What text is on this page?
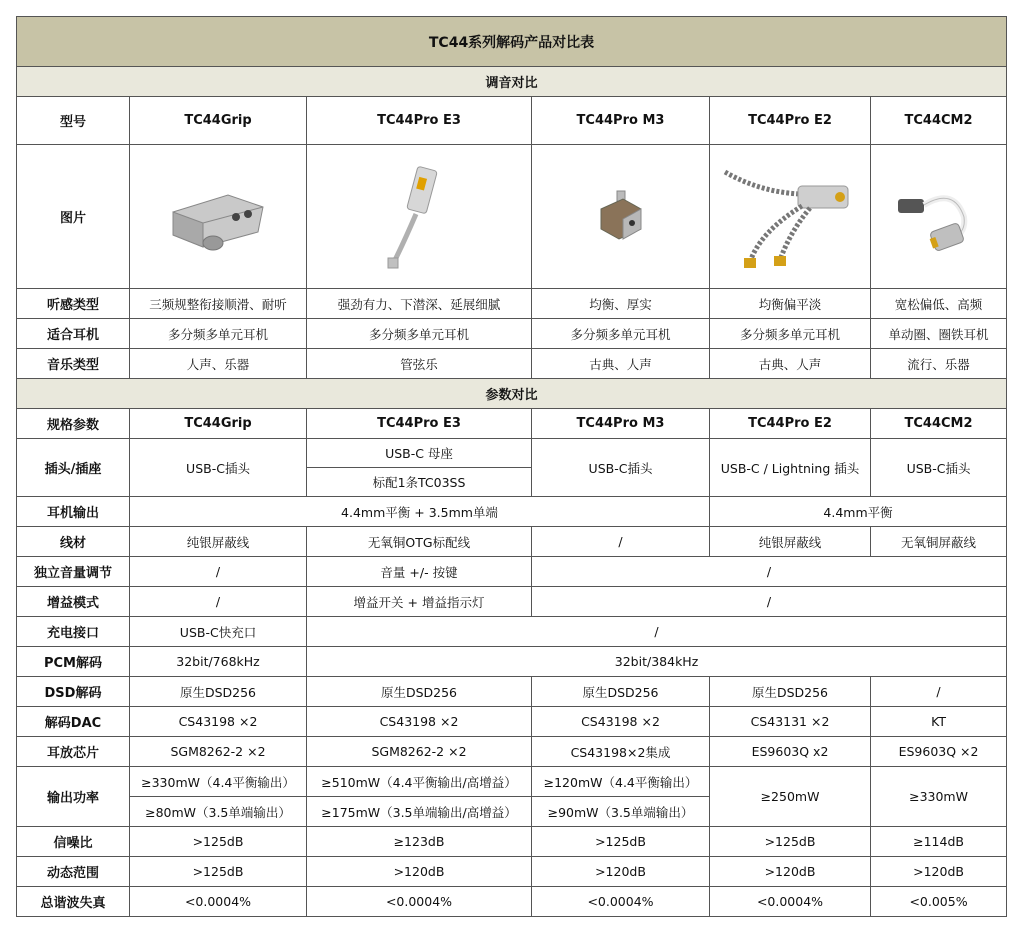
TC44系列解码产品对比表					
调音对比					
型号	TC44Grip	TC44Pro E3	TC44Pro M3	TC44Pro E2	TC44CM2
图片	

听感类型	三频规整衔接顺滑、耐听	强劲有力、下潜深、延展细腻	均衡、厚实	均衡偏平淡	宽松偏低、高频
适合耳机	多分频多单元耳机	多分频多单元耳机	多分频多单元耳机	多分频多单元耳机	单动圈、圈铁耳机
音乐类型	人声、乐器	管弦乐	古典、人声	古典、人声	流行、乐器
参数对比					
规格参数	TC44Grip	TC44Pro E3	TC44Pro M3	TC44Pro E2	TC44CM2
插头/插座	USB-C插头	USB-C 母座	USB-C插头	USB-C / Lightning 插头	USB-C插头
		标配1条TC03SS			
耳机输出	4.4mm平衡 + 3.5mm单端			4.4mm平衡	
线材	纯银屏蔽线	无氧铜OTG标配线	/	纯银屏蔽线	无氧铜屏蔽线
独立音量调节	/	音量 +/- 按键	/		
增益模式	/	增益开关 + 增益指示灯	/		
充电接口	USB-C快充口	/			
PCM解码	32bit/768kHz	32bit/384kHz			
DSD解码	原生DSD256	原生DSD256	原生DSD256	原生DSD256	/
解码DAC	CS43198 ×2	CS43198 ×2	CS43198 ×2	CS43131 ×2	KT
耳放芯片	SGM8262-2 ×2	SGM8262-2 ×2	CS43198×2集成	ES9603Q x2	ES9603Q ×2
输出功率	≥330mW（4.4平衡输出）	≥510mW（4.4平衡输出/高增益）	≥120mW（4.4平衡输出）	≥250mW	≥330mW
	≥80mW（3.5单端输出）	≥175mW（3.5单端输出/高增益）	≥90mW（3.5单端输出）		
信噪比	>125dB	≥123dB	>125dB	>125dB	≥114dB
动态范围	>125dB	>120dB	>120dB	>120dB	>120dB
总谐波失真	<0.0004%	<0.0004%	<0.0004%	<0.0004%	<0.005%
